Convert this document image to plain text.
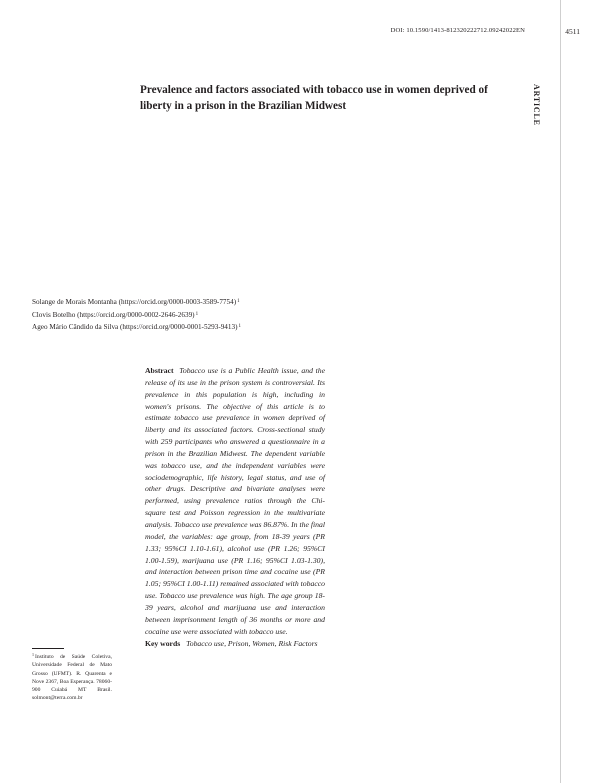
DOI: 10.1590/1413-812320222712.09242022EN	4511
ARTICLE
Prevalence and factors associated with tobacco use in women deprived of liberty in a prison in the Brazilian Midwest
Solange de Morais Montanha (https://orcid.org/0000-0003-3589-7754)$^1$
Clovis Botelho (https://orcid.org/0000-0002-2646-2639)$^1$
Ageo Mário Cândido da Silva (https://orcid.org/0000-0001-5293-9413)$^1$
Abstract Tobacco use is a Public Health issue, and the release of its use in the prison system is controversial. Its prevalence in this population is high, including in women's prisons. The objective of this article is to estimate tobacco use prevalence in women deprived of liberty and its associated factors. Cross-sectional study with 259 participants who answered a questionnaire in a prison in the Brazilian Midwest. The dependent variable was tobacco use, and the independent variables were sociodemographic, life history, legal status, and use of other drugs. Descriptive and bivariate analyses were performed, using prevalence ratios through the Chi-square test and Poisson regression in the multivariate analysis. Tobacco use prevalence was 86.87%. In the final model, the variables: age group, from 18-39 years (PR 1.33; 95%CI 1.10-1.61), alcohol use (PR 1.26; 95%CI 1.00-1.59), marijuana use (PR 1.16; 95%CI 1.03-1.30), and interaction between prison time and cocaine use (PR 1.05; 95%CI 1.00-1.11) remained associated with tobacco use. Tobacco use prevalence was high. The age group 18-39 years, alcohol and marijuana use and interaction between imprisonment length of 36 months or more and cocaine use were associated with tobacco use.
Key words Tobacco use, Prison, Women, Risk Factors
$^1$Instituto de Saúde Coletiva, Universidade Federal de Mato Grosso (UFMT). R. Quarenta e Nove 2367, Boa Esperança. 78060-900 Cuiabá MT Brasil. solmont@terra.com.br
